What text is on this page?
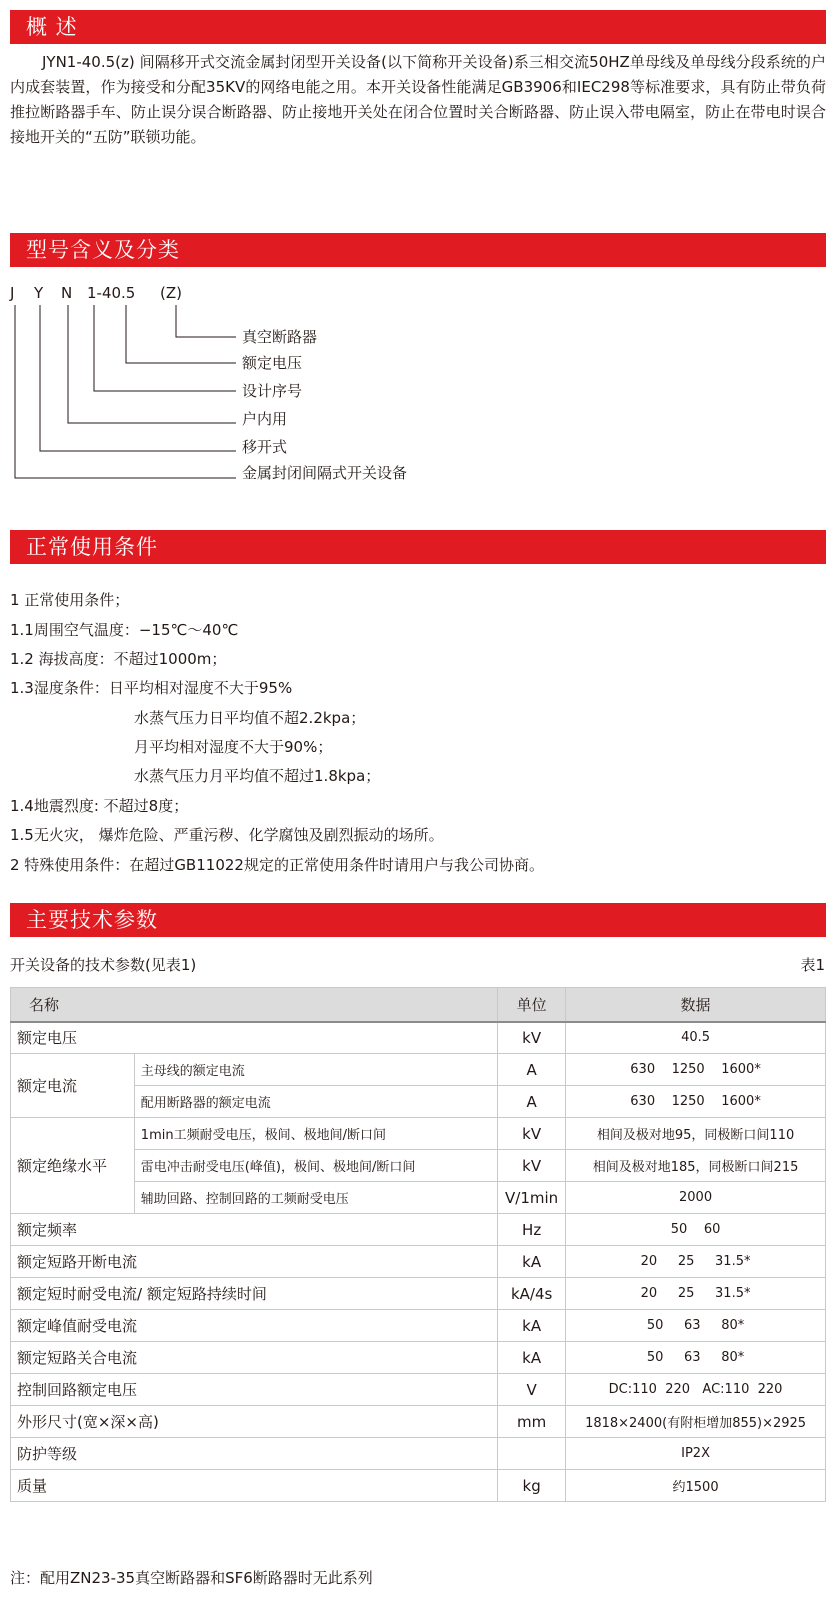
概 述
JYN1-40.5(z) 间隔移开式交流金属封闭型开关设备(以下简称开关设备)系三相交流50HZ单母线及单母线分段系统的户内成套装置，作为接受和分配35KV的网络电能之用。本开关设备性能满足GB3906和IEC298等标准要求，具有防止带负荷推拉断路器手车、防止误分误合断路器、防止接地开关处在闭合位置时关合断路器、防止误入带电隔室，防止在带电时误合接地开关的“五防”联锁功能。
型号含义及分类
J Y N 1-40.5 (Z)
真空断路器
额定电压
设计序号
户内用
移开式
金属封闭间隔式开关设备
正常使用条件
1 正常使用条件；
1.1周围空气温度：−15℃～40℃
1.2 海拔高度：不超过1000m；
1.3湿度条件：日平均相对湿度不大于95%
水蒸气压力日平均值不超2.2kpa；
月平均相对湿度不大于90%；
水蒸气压力月平均值不超过1.8kpa；
1.4地震烈度: 不超过8度；
1.5无火灾， 爆炸危险、严重污秽、化学腐蚀及剧烈振动的场所。
2 特殊使用条件：在超过GB11022规定的正常使用条件时请用户与我公司协商。
主要技术参数
开关设备的技术参数(见表1)	表1
名称		单位	数据
额定电压		kV	40.5
额定电流	主母线的额定电流	A	630    1250    1600*
	配用断路器的额定电流	A	630    1250    1600*
额定绝缘水平	1min工频耐受电压，极间、极地间/断口间	kV	相间及极对地95，同极断口间110
	雷电冲击耐受电压(峰值)，极间、极地间/断口间	kV	相间及极对地185，同极断口间215
	辅助回路、控制回路的工频耐受电压	V/1min	2000
额定频率		Hz	50    60
额定短路开断电流		kA	20     25     31.5*
额定短时耐受电流/ 额定短路持续时间		kA/4s	20     25     31.5*
额定峰值耐受电流		kA	50     63     80*
额定短路关合电流		kA	50     63     80*
控制回路额定电压		V	DC:110  220   AC:110  220
外形尺寸(宽×深×高)		mm	1818×2400(有附柜增加855)×2925
防护等级			IP2X
质量		kg	约1500
注：配用ZN23-35真空断路器和SF6断路器时无此系列
